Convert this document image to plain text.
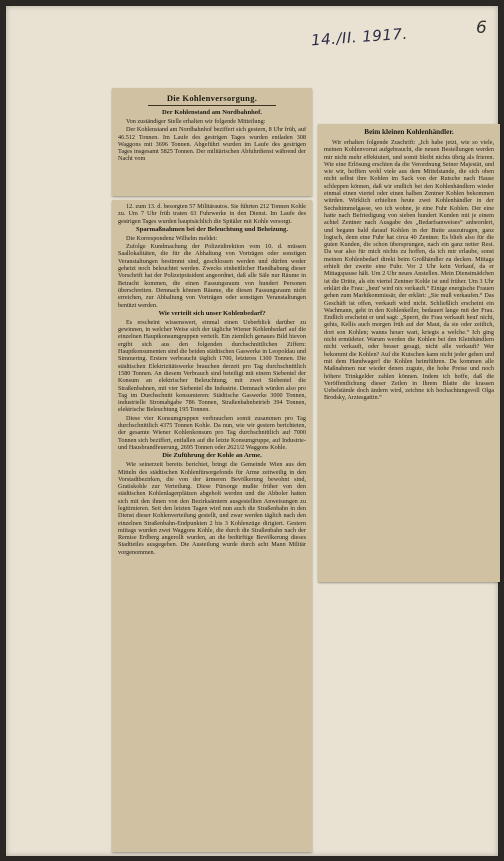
14./II. 1917.	6
Die Kohlenversorgung.
Der Kohlenstand am Nordbahnhof.

Von zuständiger Stelle erhalten wir folgende Mitteilung:

Der Kohlenstand am Nordbahnhof beziffert sich gestern, 8 Uhr früh, auf 46.512 Tonnen. Im Laufe des gestrigen Tages wurden entladen 308 Waggons mit 3696 Tonnen. Abgeführt wurden im Laufe des gestrigen Tages insgesamt 5825 Tonnen. Der militärischen Abfuhrdienst während der Nacht vom

12. zum 13. d. besorgten 57 Militärautos. Sie führten 212 Tonnen Kohle zu. Um 7 Uhr früh traten 63 Fuhrwerke in den Dienst. Im Laufe des gestrigen Tages wurden hauptsächlich die Spitäler mit Kohle versorgt.

Sparmaßnahmen bei der Beleuchtung und Beheizung.

Die Korrespondenz Wilhelm meldet:

Zufolge Kundmachung der Polizeidirektion vom 10. d. müssen Saallokalitäten, die für die Abhaltung von Vorträgen oder sonstigen Veranstaltungen bestimmt sind, geschlossen werden und dürfen weder geheizt noch beleuchtet werden. Zwecks einheitlicher Handhabung dieser Vorschrift hat der Polizeipräsident angeordnet, daß alle Säle nur Räume in Betracht kommen, die einen Fassungsraum von hundert Personen überschreiten. Demnach können Räume, die diesen Fassungsraum nicht erreichen, zur Abhaltung von Vorträgen oder sonstigen Veranstaltungen benützt werden.

Wie verteilt sich unser Kohlenbedarf?

Es erscheint wissenswert, einmal einen Ueberblick darüber zu gewinnen, in welcher Weise sich der tägliche Wiener Kohlenbedarf auf die einzelnen Hauptkonsumgruppen verteilt. Ein ziemlich genaues Bild hievon ergibt sich aus den folgenden durchschnittlichen Ziffern: Hauptkonsumenten sind die beiden städtischen Gaswerke in Leopoldau und Simmering. Erstere verbraucht täglich 1700, letzteres 1300 Tonnen. Die städtischen Elektrizitätswerke brauchen derzeit pro Tag durchschnittlich 1580 Tonnen. An diesem Verbrauch sind beteiligt mit einem Siebentel der Konsum an elektrischer Beleuchtung, mit zwei Siebentel die Straßenbahnen, mit vier Siebentel die Industrie. Demnach würden also pro Tag im Durchschnitt konsumieren: Städtische Gaswerke 3000 Tonnen, industrielle Stromabgabe 786 Tonnen, Straßenbahnbetrieb 394 Tonnen, elektrische Beleuchtung 195 Tonnen.

Diese vier Konsumgruppen verbrauchen somit zusammen pro Tag durchschnittlich 4375 Tonnen Kohle. Da nun, wie wir gestern berichteten, der gesamte Wiener Kohlenkonsum pro Tag durchschnittlich auf 7000 Tonnen sich beziffert, entfallen auf die letzte Konsumgruppe, auf Industrie- und Hausbrandfeuerung, 2695 Tonnen oder 2621/2 Waggons Kohle.

Die Zuführung der Kohle an Arme.

Wie seinerzeit bereits berichtet, bringt die Gemeinde Wien aus den Mitteln des städtischen Kohlenfürsorgefonds für Arme zeitweilig in den Vorstadtbezirken, die von der ärmeren Bevölkerung bewohnt sind, Gratiskohle zur Verteilung. Diese Fürsorge mußte früher von den städtischen Kohlenlagerplätzen abgeholt werden und die Abholer hatten sich mit den ihnen von den Bezirksämtern ausgestellten Anweisungen zu legitimieren. Seit den letzten Tagen wird nun auch die Straßenbahn in den Dienst dieser Kohlenverteilung gestellt, und zwar werden täglich nach den einzelnen Straßenbahn-Endpunkten 2 bis 3 Kohlenzüge dirigiert. Gestern mittags wurden zwei Waggons Kohle, die durch die Straßenbahn nach der Remise Erdberg angerollt wurden, an die bedürftige Bevölkerung dieses Stadtteiles ausgegeben. Die Austeilung wurde durch acht Mann Militär vorgenommen.

Beim kleinen Kohlenhändler.

Wir erhalten folgende Zuschrift: „Ich habe jetzt, wie so viele, meinen Kohlenvorrat aufgebraucht, die neuen Bestellungen werden mir nicht mehr effektuiert, und somit bleibt nichts übrig als frieren. Wie eine Erlösung erschien da die Verordnung Seiner Majestät, und wie wir, hofften wohl viele aus dem Mittelstande, die sich oben nicht selbst ihre Kohlen im Sack von der Rutsche nach Hause schleppen können, daß wir endlich bei den Kohlenhändlern wieder einmal einen viertel oder einen halben Zentner Kohlen bekommen würden. Wirklich erhielten heute zwei Kohlenhändler in der Sechshimmelgasse, wo ich wohne, je eine Fuhr Kohlen. Der eine hatte nach Befriedigung von sieben hundert Kunden mit je einem achtel Zentner nach Ausgabe des „Bedarfsanweises“ anbeordert, und begann bald darauf Kohlen in der Butte auszutragen, ganz logisch, denn eine Fuhr hat circa 40 Zentner. Es blieb also für die guten Kunden, die schon übersprungen, nach ein ganz netter Rest. Da war also für mich nichts zu hoffen, da ich mir erlaube, sonst meinen Kohlenbedarf direkt beim Großhändler zu decken. Mittags erhielt der zweite eine Fuhr. Vor 2 Uhr kein Verkauf, da er Mittagspause hält. Um 2 Uhr neues Anstellen. Mein Dienstmädchen ist die Dritte, als ein viertel Zentner Kohle ist und früher. Um 3 Uhr erklärt die Frau: „heut' wird nix verkauft.“ Einige energische Frauen gehen zum Marktkommissär, der erklärt: „Sie muß verkaufen.“ Das Geschäft ist offen, verkauft wird nicht. Schließlich erscheint ein Wachmann, geht in den Kohlenkeller, bedauert lange mit der Frau. Endlich erscheint er und sagt: „Sperrt, die Frau verkauft heut' nicht, gehts, Kellis auch morgen früh auf der Maut, da sie oder zeitlich, dort son Kohlen; wanns heuer wart, kriegts a welche.“ Ich ging nicht ermüdeter. Warum werden die Kohlen bei den Kleinhändlern nicht verkauft, oder besser gesagt, nicht alle verkauft? Wer bekommt die Kohlen? Auf die Kutschen kann nicht jeder gehen und mit dem Handwagerl die Kohlen heimführen. Da kommen alle Maßnahmen nur wieder denen zugute, die hohe Preise und noch höhere Trinkgelder zahlen können. Indem ich hoffe, daß die Veröffentlichung dieser Zeilen in Ihrem Blatte die krassen Uebelstände doch ändern wird, zeichne ich hochachtungsvoll Olga Brodsky, Arztesgattin.“
